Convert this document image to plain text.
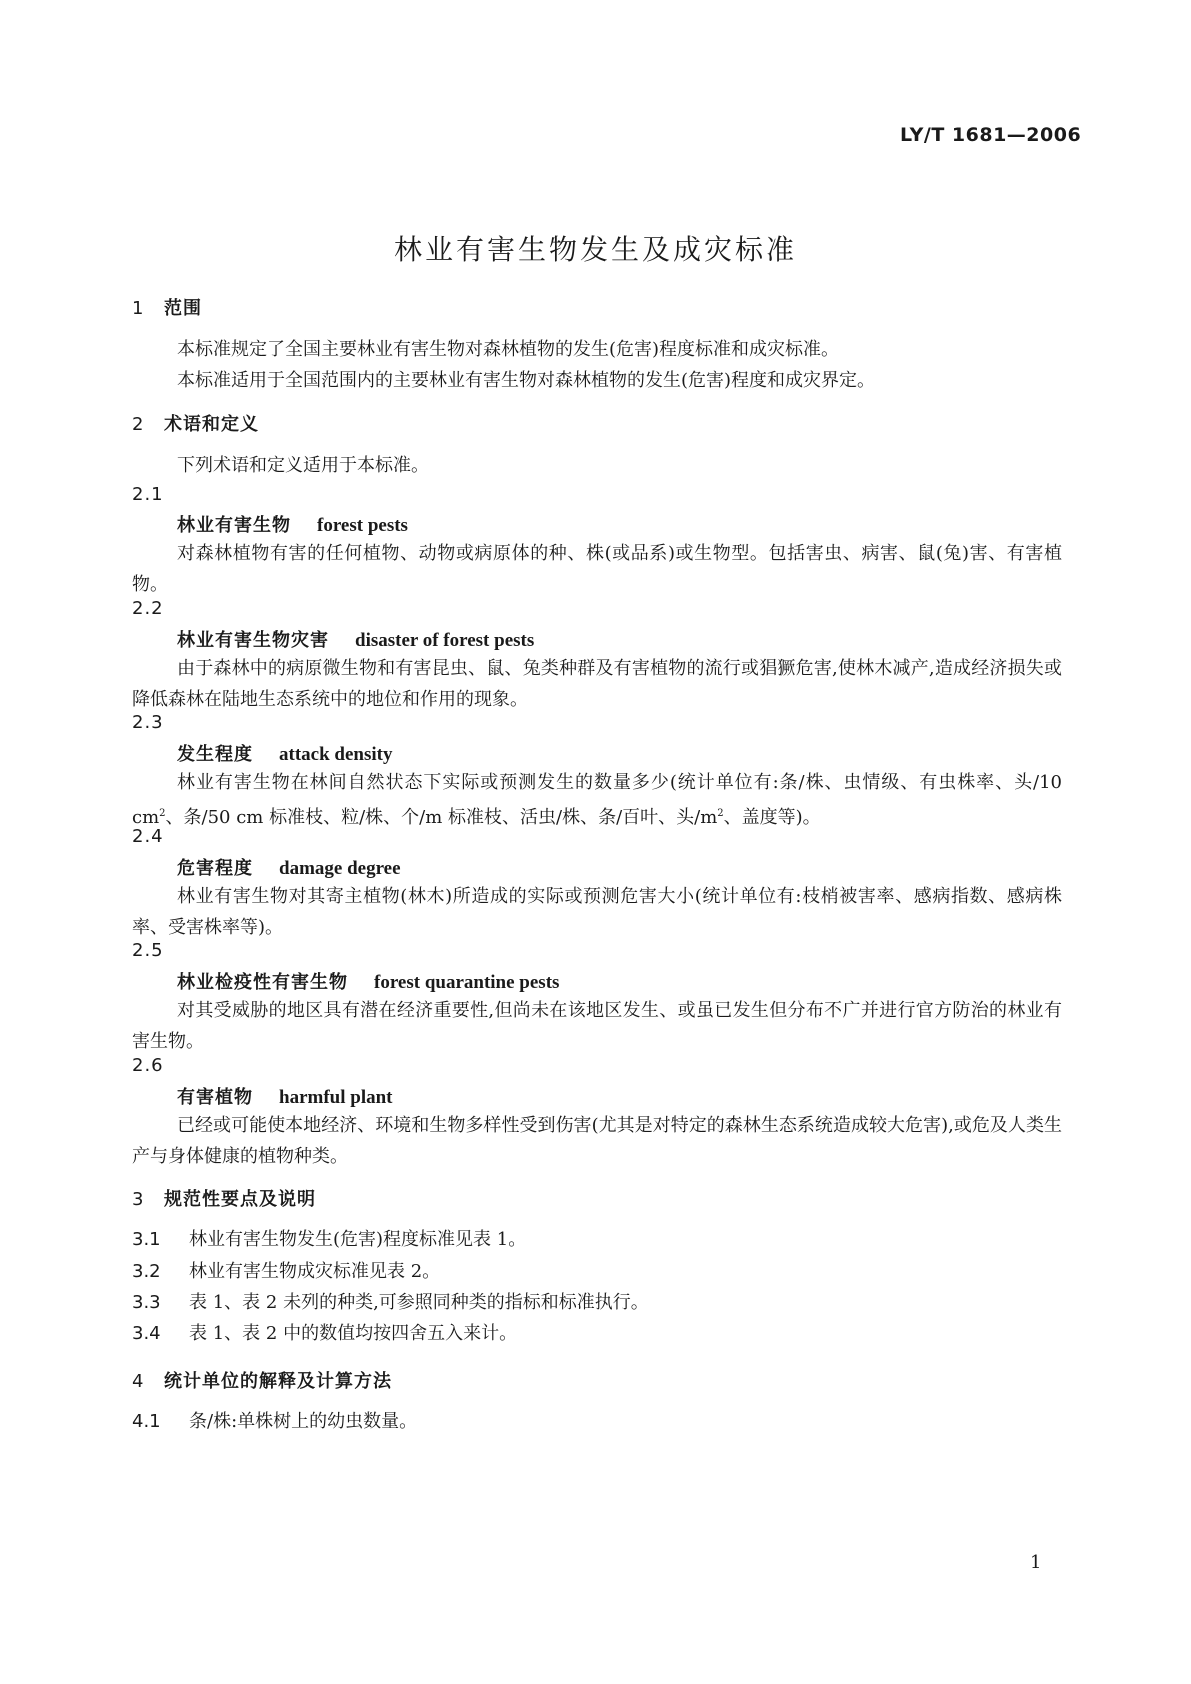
LY/T 1681—2006
林业有害生物发生及成灾标准
1 范围
本标准规定了全国主要林业有害生物对森林植物的发生(危害)程度标准和成灾标准。
本标准适用于全国范围内的主要林业有害生物对森林植物的发生(危害)程度和成灾界定。
2 术语和定义
下列术语和定义适用于本标准。
2.1
林业有害生物 forest pests
对森林植物有害的任何植物、动物或病原体的种、株(或品系)或生物型。包括害虫、病害、鼠(兔)害、有害植物。
2.2
林业有害生物灾害 disaster of forest pests
由于森林中的病原微生物和有害昆虫、鼠、兔类种群及有害植物的流行或猖獗危害,使林木减产,造成经济损失或降低森林在陆地生态系统中的地位和作用的现象。
2.3
发生程度 attack density
林业有害生物在林间自然状态下实际或预测发生的数量多少(统计单位有:条/株、虫情级、有虫株率、头/10 $cm^2$、条/50 cm 标准枝、粒/株、个/m 标准枝、活虫/株、条/百叶、头$/m^2$、盖度等)。
2.4
危害程度 damage degree
林业有害生物对其寄主植物(林木)所造成的实际或预测危害大小(统计单位有:枝梢被害率、感病指数、感病株率、受害株率等)。
2.5
林业检疫性有害生物 forest quarantine pests
对其受威胁的地区具有潜在经济重要性,但尚未在该地区发生、或虽已发生但分布不广并进行官方防治的林业有害生物。
2.6
有害植物 harmful plant
已经或可能使本地经济、环境和生物多样性受到伤害(尤其是对特定的森林生态系统造成较大危害),或危及人类生产与身体健康的植物种类。
3 规范性要点及说明
3.1 林业有害生物发生(危害)程度标准见表 1。
3.2 林业有害生物成灾标准见表 2。
3.3 表 1、表 2 未列的种类,可参照同种类的指标和标准执行。
3.4 表 1、表 2 中的数值均按四舍五入来计。
4 统计单位的解释及计算方法
4.1 条/株:单株树上的幼虫数量。
1
